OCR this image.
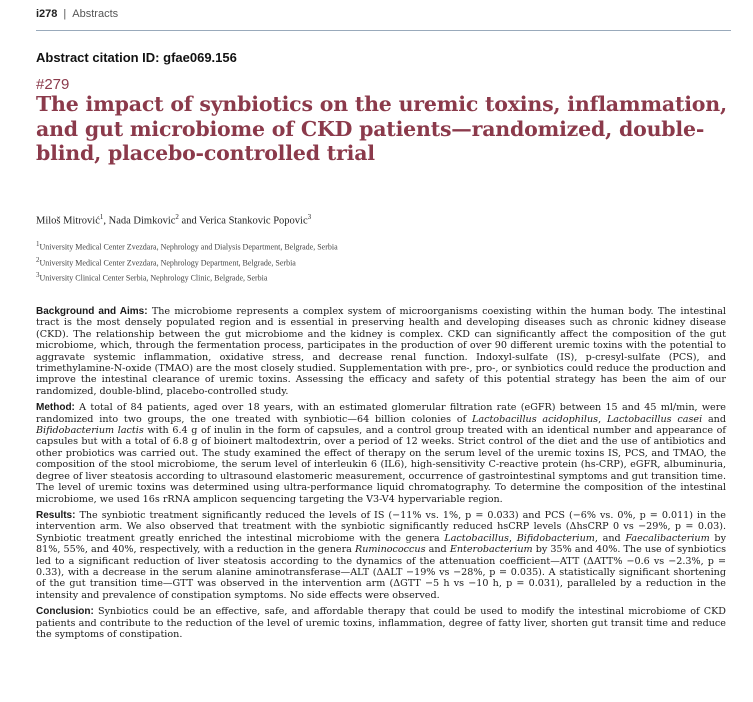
i278 | Abstracts
Abstract citation ID: gfae069.156
#279
The impact of synbiotics on the uremic toxins, inflammation, and gut microbiome of CKD patients—randomized, double-blind, placebo-controlled trial
Miloš Mitrović$^1$, Nada Dimkovic$^2$ and Verica Stankovic Popovic$^3$
$^1$University Medical Center Zvezdara, Nephrology and Dialysis Department, Belgrade, Serbia
$^2$University Medical Center Zvezdara, Nephrology Department, Belgrade, Serbia
$^3$University Clinical Center Serbia, Nephrology Clinic, Belgrade, Serbia

Background and Aims: The microbiome represents a complex system of microorganisms coexisting within the human body. The intestinal tract is the most densely populated region and is essential in preserving health and developing diseases such as chronic kidney disease (CKD). The relationship between the gut microbiome and the kidney is complex. CKD can significantly affect the composition of the gut microbiome, which, through the fermentation process, participates in the production of over 90 different uremic toxins with the potential to aggravate systemic inflammation, oxidative stress, and decrease renal function. Indoxyl-sulfate (IS), p-cresyl-sulfate (PCS), and trimethylamine-N-oxide (TMAO) are the most closely studied. Supplementation with pre-, pro-, or synbiotics could reduce the production and improve the intestinal clearance of uremic toxins. Assessing the efficacy and safety of this potential strategy has been the aim of our randomized, double-blind, placebo-controlled study.

Method: A total of 84 patients, aged over 18 years, with an estimated glomerular filtration rate (eGFR) between 15 and 45 ml/min, were randomized into two groups, the one treated with synbiotic—64 billion colonies of Lactobacillus acidophilus, Lactobacillus casei and Bifidobacterium lactis with 6.4 g of inulin in the form of capsules, and a control group treated with an identical number and appearance of capsules but with a total of 6.8 g of bioinert maltodextrin, over a period of 12 weeks. Strict control of the diet and the use of antibiotics and other probiotics was carried out. The study examined the effect of therapy on the serum level of the uremic toxins IS, PCS, and TMAO, the composition of the stool microbiome, the serum level of interleukin 6 (IL6), high-sensitivity C-reactive protein (hs-CRP), eGFR, albuminuria, degree of liver steatosis according to ultrasound elastomeric measurement, occurrence of gastrointestinal symptoms and gut transition time. The level of uremic toxins was determined using ultra-performance liquid chromatography. To determine the composition of the intestinal microbiome, we used 16s rRNA amplicon sequencing targeting the V3-V4 hypervariable region.

Results: The synbiotic treatment significantly reduced the levels of IS (−11% vs. 1%, p = 0.033) and PCS (−6% vs. 0%, p = 0.011) in the intervention arm. We also observed that treatment with the synbiotic significantly reduced hsCRP levels (ΔhsCRP 0 vs −29%, p = 0.03). Synbiotic treatment greatly enriched the intestinal microbiome with the genera Lactobacillus, Bifidobacterium, and Faecalibacterium by 81%, 55%, and 40%, respectively, with a reduction in the genera Ruminococcus and Enterobacterium by 35% and 40%. The use of synbiotics led to a significant reduction of liver steatosis according to the dynamics of the attenuation coefficient—ATT (ΔATT% −0.6 vs −2.3%, p = 0.33), with a decrease in the serum alanine aminotransferase—ALT (ΔALT −19% vs −28%, p = 0.035). A statistically significant shortening of the gut transition time—GTT was observed in the intervention arm (ΔGTT −5 h vs −10 h, p = 0.031), paralleled by a reduction in the intensity and prevalence of constipation symptoms. No side effects were observed.

Conclusion: Synbiotics could be an effective, safe, and affordable therapy that could be used to modify the intestinal microbiome of CKD patients and contribute to the reduction of the level of uremic toxins, inflammation, degree of fatty liver, shorten gut transit time and reduce the symptoms of constipation.
